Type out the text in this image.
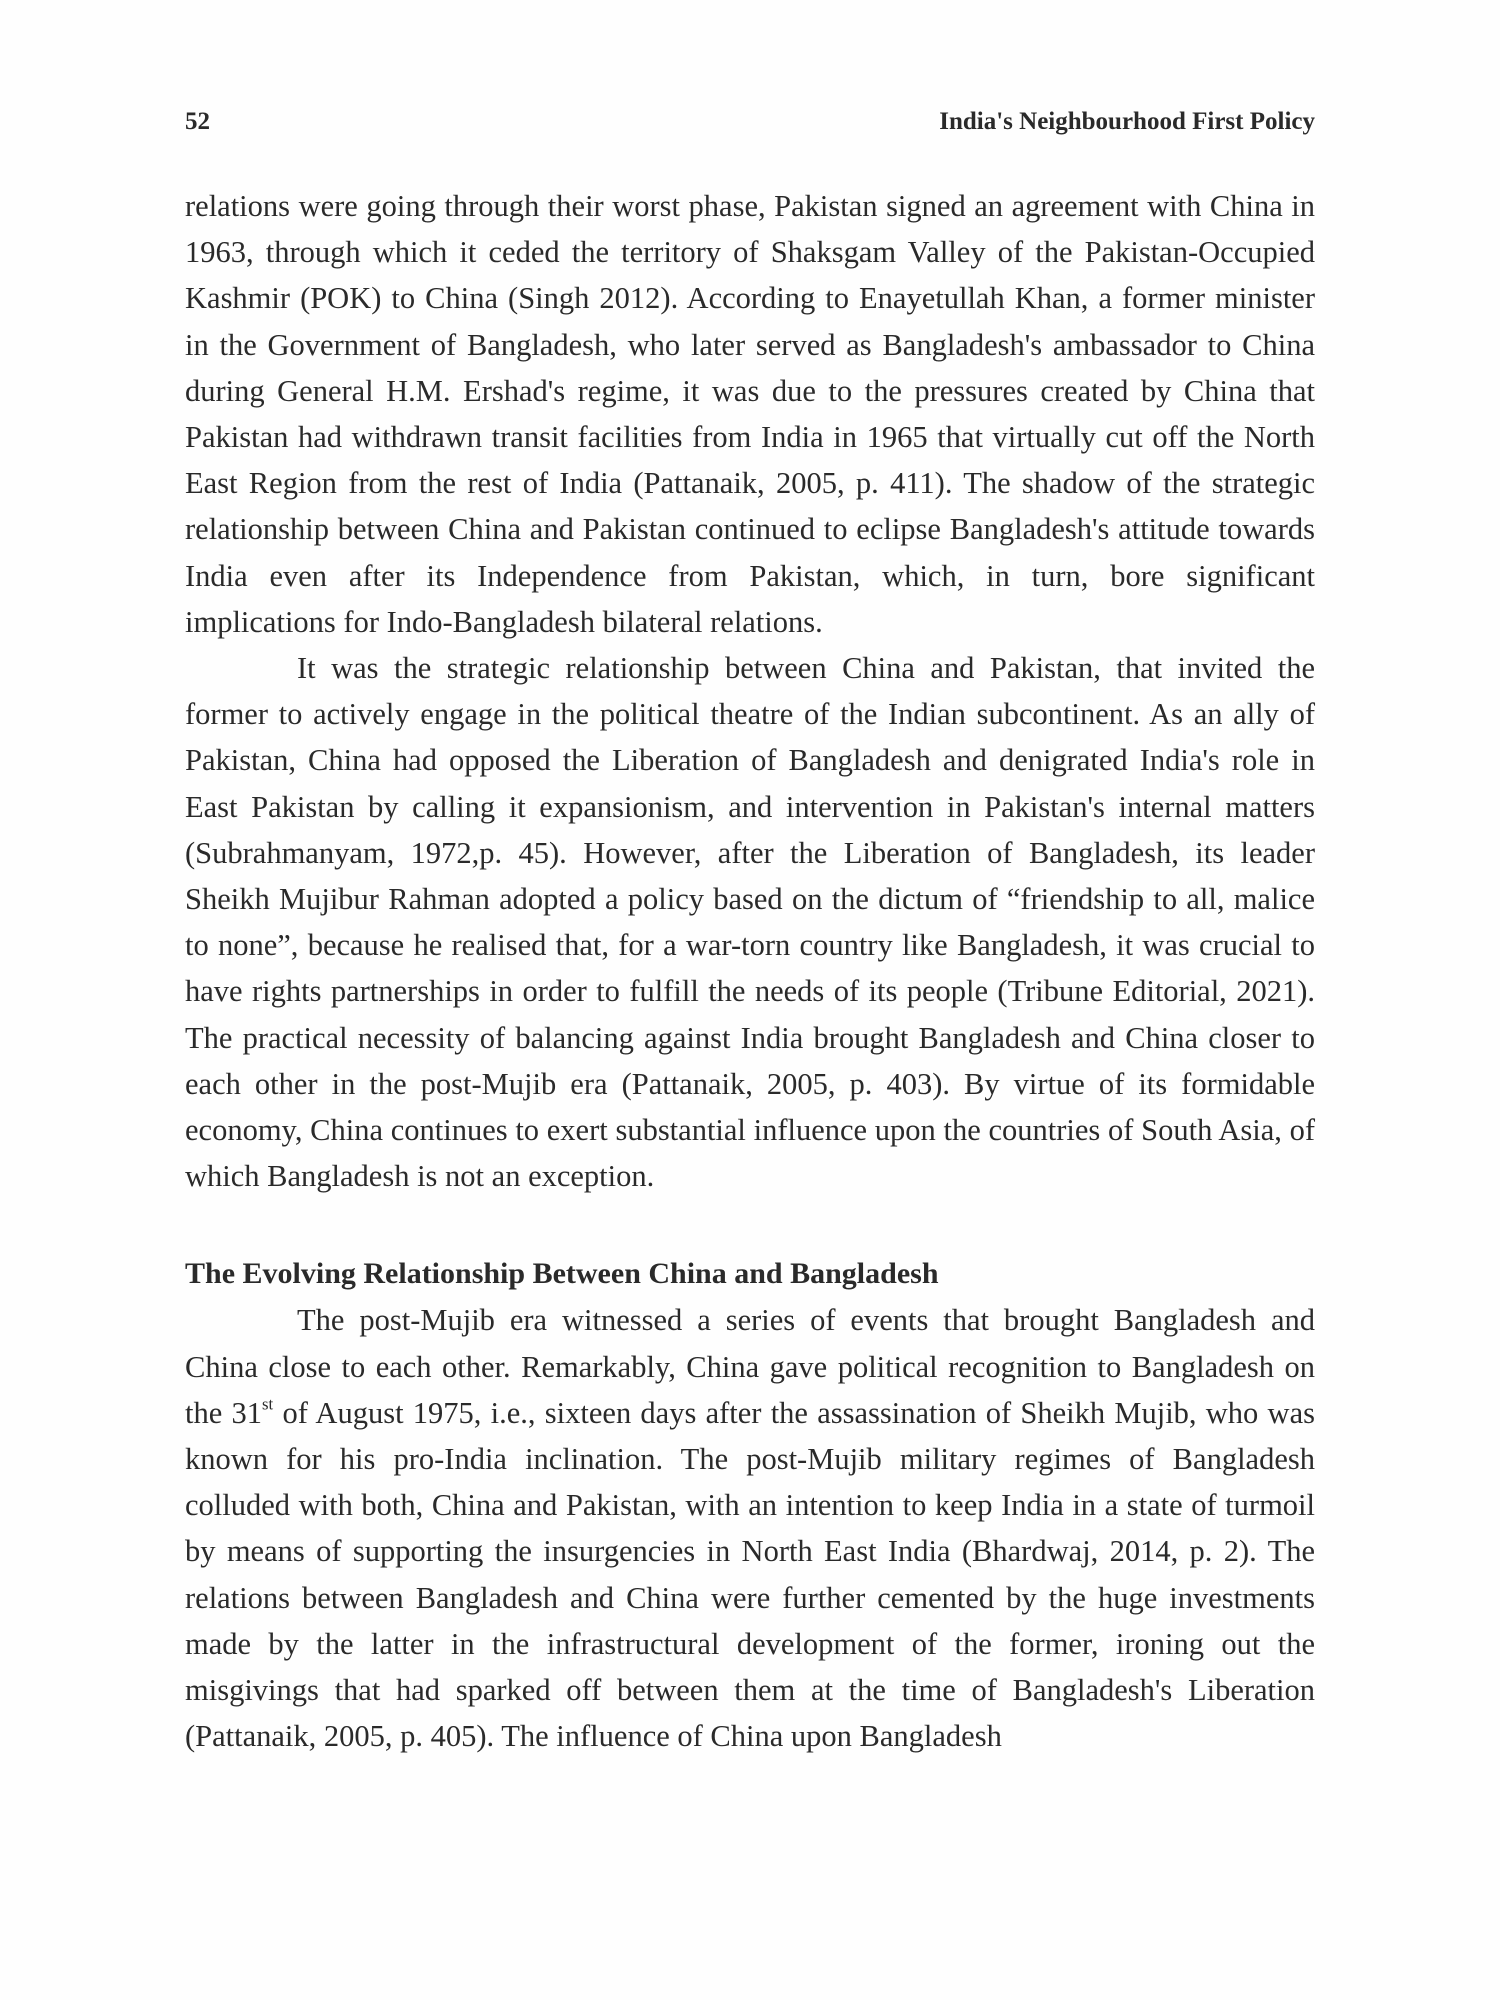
52	India's Neighbourhood First Policy

relations were going through their worst phase, Pakistan signed an agreement with China in 1963, through which it ceded the territory of Shaksgam Valley of the Pakistan-Occupied Kashmir (POK) to China (Singh 2012). According to Enayetullah Khan, a former minister in the Government of Bangladesh, who later served as Bangladesh's ambassador to China during General H.M. Ershad's regime, it was due to the pressures created by China that Pakistan had withdrawn transit facilities from India in 1965 that virtually cut off the North East Region from the rest of India (Pattanaik, 2005, p. 411). The shadow of the strategic relationship between China and Pakistan continued to eclipse Bangladesh's attitude towards India even after its Independence from Pakistan, which, in turn, bore significant implications for Indo-Bangladesh bilateral relations.

It was the strategic relationship between China and Pakistan, that invited the former to actively engage in the political theatre of the Indian subcontinent. As an ally of Pakistan, China had opposed the Liberation of Bangladesh and denigrated India's role in East Pakistan by calling it expansionism, and intervention in Pakistan's internal matters (Subrahmanyam, 1972,p. 45). However, after the Liberation of Bangladesh, its leader Sheikh Mujibur Rahman adopted a policy based on the dictum of “friendship to all, malice to none”, because he realised that, for a war-torn country like Bangladesh, it was crucial to have rights partnerships in order to fulfill the needs of its people (Tribune Editorial, 2021). The practical necessity of balancing against India brought Bangladesh and China closer to each other in the post-Mujib era (Pattanaik, 2005, p. 403). By virtue of its formidable economy, China continues to exert substantial influence upon the countries of South Asia, of which Bangladesh is not an exception.

The Evolving Relationship Between China and Bangladesh

The post-Mujib era witnessed a series of events that brought Bangladesh and China close to each other. Remarkably, China gave political recognition to Bangladesh on the 31st of August 1975, i.e., sixteen days after the assassination of Sheikh Mujib, who was known for his pro-India inclination. The post-Mujib military regimes of Bangladesh colluded with both, China and Pakistan, with an intention to keep India in a state of turmoil by means of supporting the insurgencies in North East India (Bhardwaj, 2014, p. 2). The relations between Bangladesh and China were further cemented by the huge investments made by the latter in the infrastructural development of the former, ironing out the misgivings that had sparked off between them at the time of Bangladesh's Liberation (Pattanaik, 2005, p. 405). The influence of China upon Bangladesh
